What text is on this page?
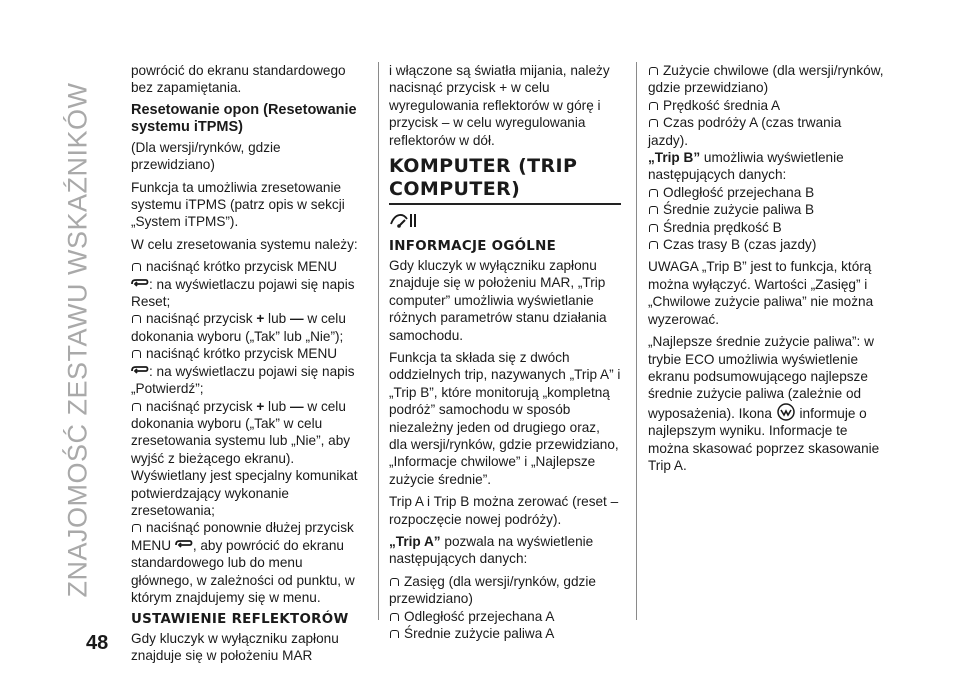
ZNAJOMOŚĆ ZESTAWU WSKAŹNIKÓW
48

powrócić do ekranu standardowego bez zapamiętania.

Resetowanie opon (Resetowanie systemu iTPMS)

(Dla wersji/rynków, gdzie przewidziano)

Funkcja ta umożliwia zresetowanie systemu iTPMS (patrz opis w sekcji „System iTPMS”).

W celu zresetowania systemu należy:

naciśnąć krótko przycisk MENU
: na wyświetlaczu pojawi się napis Reset;

naciśnąć przycisk + lub — w celu dokonania wyboru („Tak” lub „Nie”);

naciśnąć krótko przycisk MENU
: na wyświetlaczu pojawi się napis „Potwierdź”;

naciśnąć przycisk + lub — w celu dokonania wyboru („Tak” w celu zresetowania systemu lub „Nie”, aby wyjść z bieżącego ekranu). Wyświetlany jest specjalny komunikat potwierdzający wykonanie zresetowania;

naciśnąć ponownie dłużej przycisk MENU , aby powrócić do ekranu standardowego lub do menu głównego, w zależności od punktu, w którym znajdujemy się w menu.

USTAWIENIE REFLEKTORÓW

Gdy kluczyk w wyłączniku zapłonu znajduje się w położeniu MAR

i włączone są światła mijania, należy nacisnąć przycisk + w celu wyregulowania reflektorów w górę i przycisk – w celu wyregulowania reflektorów w dół.

KOMPUTER (TRIP COMPUTER)
INFORMACJE OGÓLNE

Gdy kluczyk w wyłączniku zapłonu znajduje się w położeniu MAR, „Trip computer” umożliwia wyświetlanie różnych parametrów stanu działania samochodu.

Funkcja ta składa się z dwóch oddzielnych trip, nazywanych „Trip A” i „Trip B”, które monitorują „kompletną podróż” samochodu w sposób niezależny jeden od drugiego oraz, dla wersji/rynków, gdzie przewidziano, „Informacje chwilowe” i „Najlepsze zużycie średnie”.

Trip A i Trip B można zerować (reset – rozpoczęcie nowej podróży).

„Trip A” pozwala na wyświetlenie następujących danych:

Zasięg (dla wersji/rynków, gdzie przewidziano)
Odległość przejechana A
Średnie zużycie paliwa A
Zużycie chwilowe (dla wersji/rynków, gdzie przewidziano)
Prędkość średnia A
Czas podróży A (czas trwania jazdy).

„Trip B” umożliwia wyświetlenie następujących danych:

Odległość przejechana B
Średnie zużycie paliwa B
Średnia prędkość B
Czas trasy B (czas jazdy)

UWAGA „Trip B” jest to funkcja, którą można wyłączyć. Wartości „Zasięg” i „Chwilowe zużycie paliwa” nie można wyzerować.

„Najlepsze średnie zużycie paliwa”: w trybie ECO umożliwia wyświetlenie ekranu podsumowującego najlepsze średnie zużycie paliwa (zależnie od wyposażenia). Ikona informuje o najlepszym wyniku. Informacje te można skasować poprzez skasowanie Trip A.
